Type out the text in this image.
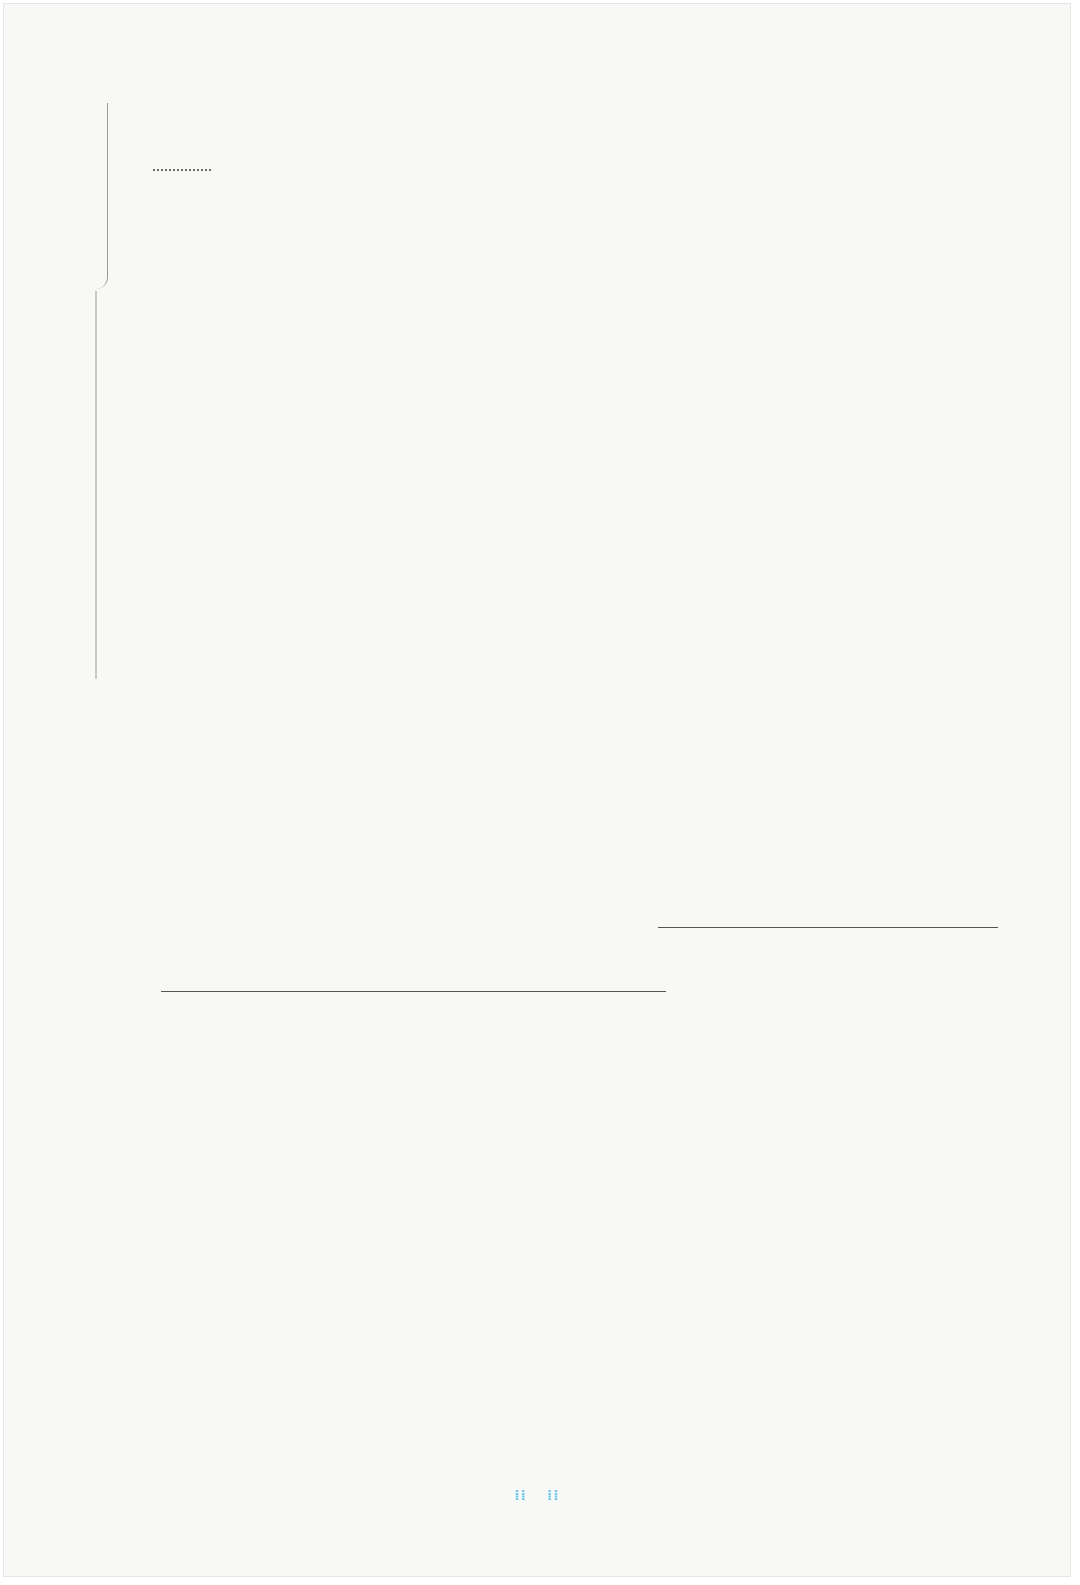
⁞⁞ ⁞⁞
